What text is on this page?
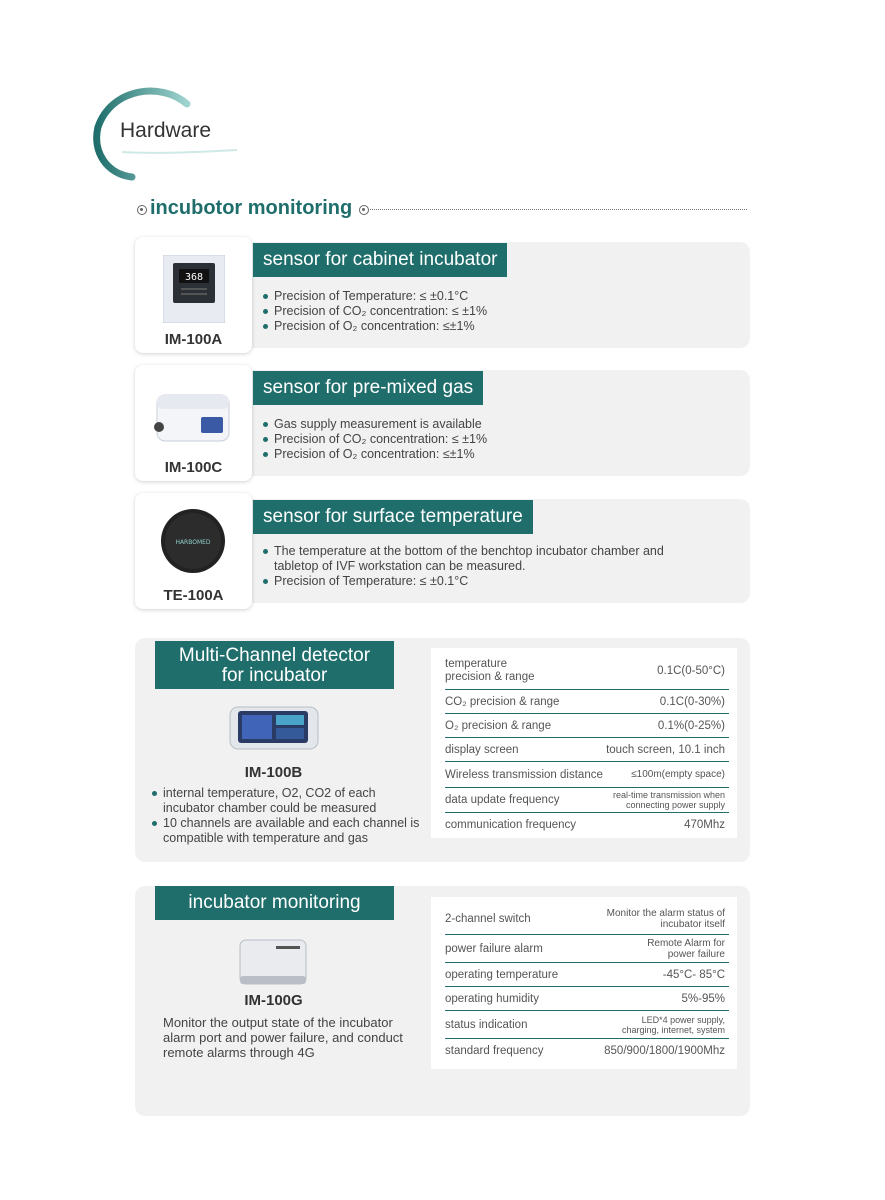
Hardware
incubotor monitoring
368
IM-100A
sensor for cabinet incubator
Precision of Temperature: ≤ ±0.1°C
Precision of CO₂ concentration: ≤ ±1%
Precision of O₂ concentration: ≤±1%
IM-100C
sensor for pre-mixed gas
Gas supply measurement is available
Precision of CO₂ concentration: ≤ ±1%
Precision of O₂ concentration: ≤±1%
HARBOMED
TE-100A
sensor for surface temperature
The temperature at the bottom of the benchtop incubator chamber and tabletop of IVF workstation can be measured.
Precision of Temperature: ≤ ±0.1°C
Multi-Channel detector
for incubator
IM-100B
internal temperature, O2, CO2 of each incubator chamber could be measured
10 channels are available and each channel is compatible with temperature and gas
temperature precision & range	0.1C(0-50°C)
CO₂ precision & range	0.1C(0-30%)
O₂ precision & range	0.1%(0-25%)
display screen	touch screen, 10.1 inch
Wireless transmission distance	≤100m(empty space)
data update frequency	real-time transmission when connecting power supply
communication frequency	470Mhz
incubator monitoring
IM-100G
Monitor the output state of the incubator alarm port and power failure, and conduct remote alarms through 4G
2-channel switch	Monitor the alarm status of incubator itself
power failure alarm	Remote Alarm for power failure
operating temperature	-45°C- 85°C
operating humidity	5%-95%
status indication	LED*4 power supply, charging, internet, system
standard frequency	850/900/1800/1900Mhz
